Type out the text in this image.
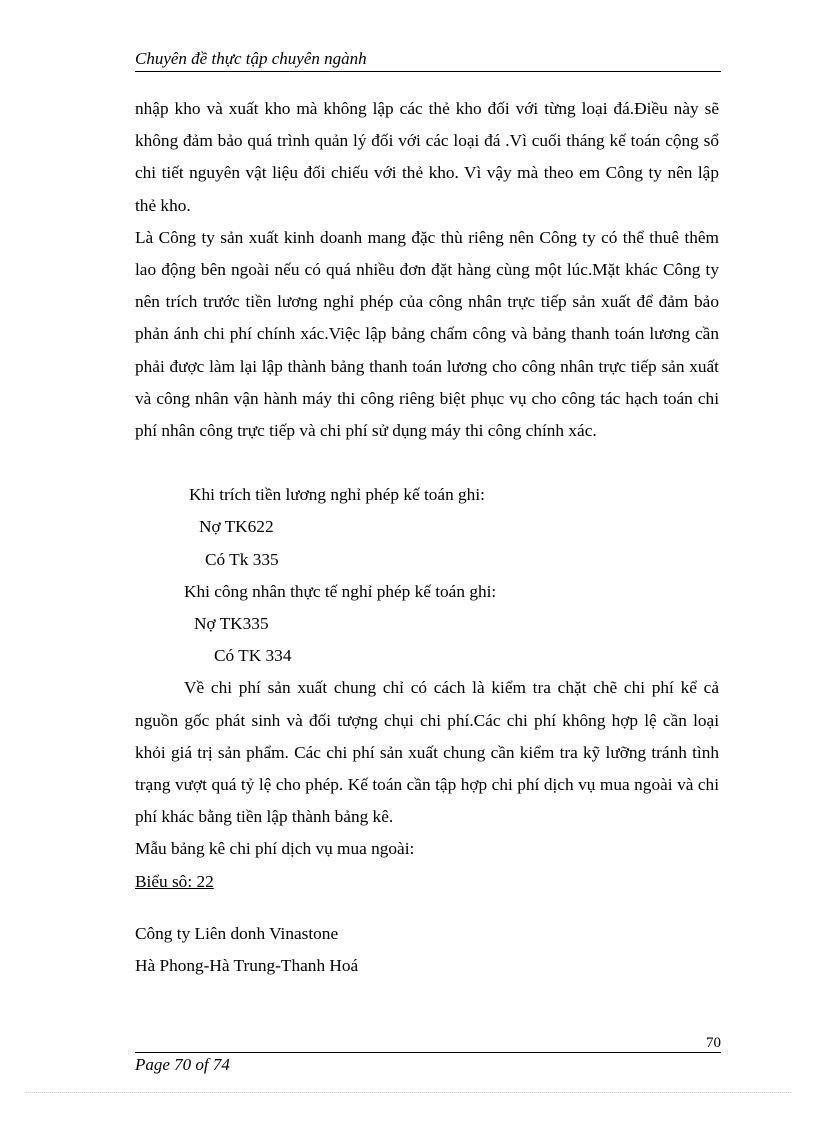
Chuyên đề thực tập chuyên ngành

nhập kho và xuất kho mà không lập các thẻ kho đối với từng loại đá.Điều này sẽ không đảm bảo quá trình quản lý đối với các loại đá .Vì cuối tháng kế toán cộng sổ chi tiết nguyên vật liệu đối chiếu với thẻ kho. Vì vậy mà theo em Công ty nên lập thẻ kho.

Là Công ty sản xuất kinh doanh mang đặc thù riêng nên Công ty có thể thuê thêm lao động bên ngoài nếu có quá nhiều đơn đặt hàng cùng một lúc.Mặt khác Công ty nên trích trước tiền lương nghỉ phép của công nhân trực tiếp sản xuất để đảm bảo phản ánh chi phí chính xác.Việc lập bảng chấm công và bảng thanh toán lương cần phải được làm lại lập thành bảng thanh toán lương cho công nhân trực tiếp sản xuất và công nhân vận hành máy thi công riêng biệt phục vụ cho công tác hạch toán chi phí nhân công trực tiếp và chi phí sử dụng máy thi công chính xác.

Khi trích tiền lương nghỉ phép kế toán ghi:

Nợ TK622

Có Tk 335

Khi công nhân thực tế nghỉ phép kế toán ghi:

Nợ TK335

Có TK 334

Về chi phí sản xuất chung chỉ có cách là kiểm tra chặt chẽ chi phí kể cả nguồn gốc phát sinh và đối tượng chụi chi phí.Các chi phí không hợp lệ cần loại khỏi giá trị sản phẩm. Các chi phí sản xuất chung cần kiểm tra kỹ lưỡng tránh tình trạng vượt quá tỷ lệ cho phép. Kế toán cần tập hợp chi phí dịch vụ mua ngoài và chi phí khác bằng tiền lập thành bảng kê.

Mẫu bảng kê chi phí dịch vụ mua ngoài:

Biểu sô: 22

Công ty Liên donh Vinastone

Hà Phong-Hà Trung-Thanh Hoá

70
Page 70 of 74
